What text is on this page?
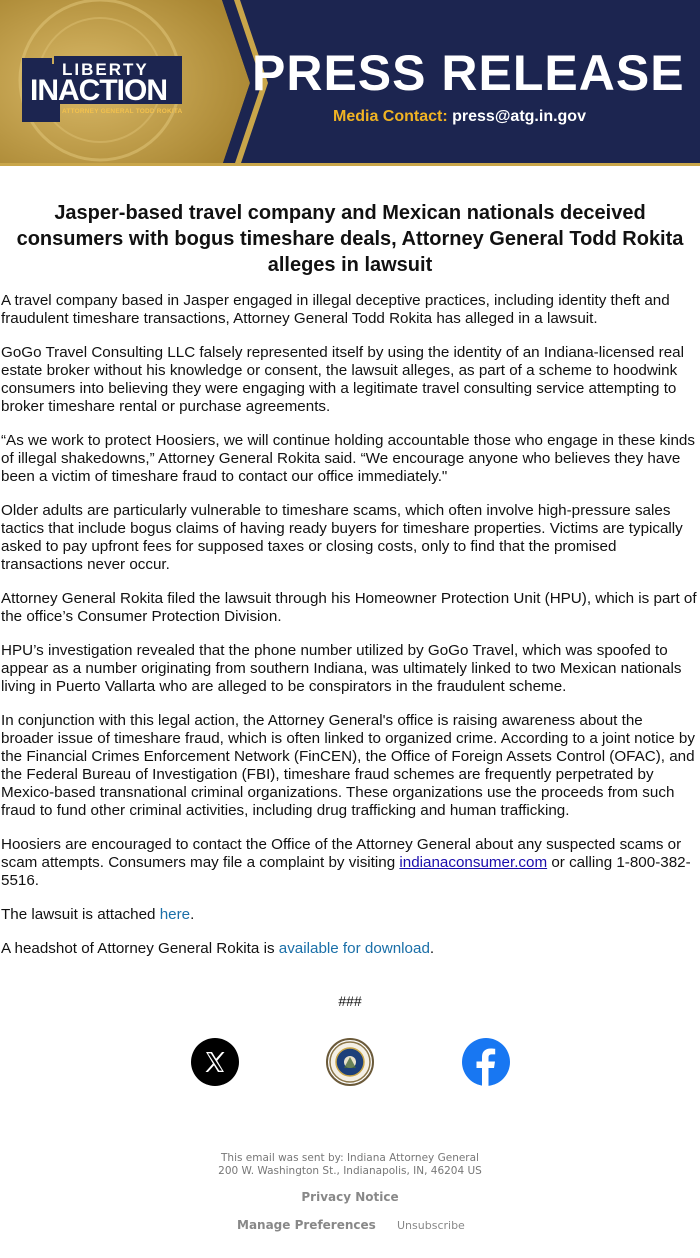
LIBERTY
INACTION
ATTORNEY GENERAL TODD ROKITA
PRESS RELEASE
Media Contact: press@atg.in.gov
Jasper-based travel company and Mexican nationals deceived consumers with bogus timeshare deals, Attorney General Todd Rokita alleges in lawsuit

A travel company based in Jasper engaged in illegal deceptive practices, including identity theft and fraudulent timeshare transactions, Attorney General Todd Rokita has alleged in a lawsuit.

GoGo Travel Consulting LLC falsely represented itself by using the identity of an Indiana-licensed real estate broker without his knowledge or consent, the lawsuit alleges, as part of a scheme to hoodwink consumers into believing they were engaging with a legitimate travel consulting service attempting to broker timeshare rental or purchase agreements.

“As we work to protect Hoosiers, we will continue holding accountable those who engage in these kinds of illegal shakedowns,” Attorney General Rokita said. “We encourage anyone who believes they have been a victim of timeshare fraud to contact our office immediately."

Older adults are particularly vulnerable to timeshare scams, which often involve high-pressure sales tactics that include bogus claims of having ready buyers for timeshare properties. Victims are typically asked to pay upfront fees for supposed taxes or closing costs, only to find that the promised transactions never occur.

Attorney General Rokita filed the lawsuit through his Homeowner Protection Unit (HPU), which is part of the office’s Consumer Protection Division.

HPU’s investigation revealed that the phone number utilized by GoGo Travel, which was spoofed to appear as a number originating from southern Indiana, was ultimately linked to two Mexican nationals living in Puerto Vallarta who are alleged to be conspirators in the fraudulent scheme.

In conjunction with this legal action, the Attorney General's office is raising awareness about the broader issue of timeshare fraud, which is often linked to organized crime. According to a joint notice by the Financial Crimes Enforcement Network (FinCEN), the Office of Foreign Assets Control (OFAC), and the Federal Bureau of Investigation (FBI), timeshare fraud schemes are frequently perpetrated by Mexico-based transnational criminal organizations. These organizations use the proceeds from such fraud to fund other criminal activities, including drug trafficking and human trafficking.

Hoosiers are encouraged to contact the Office of the Attorney General about any suspected scams or scam attempts. Consumers may file a complaint by visiting indianaconsumer.com or calling 1-800-382-5516.

The lawsuit is attached here.

A headshot of Attorney General Rokita is available for download.

###
This email was sent by: Indiana Attorney General
200 W. Washington St., Indianapolis, IN, 46204 US
Privacy Notice
Manage Preferences Unsubscribe
